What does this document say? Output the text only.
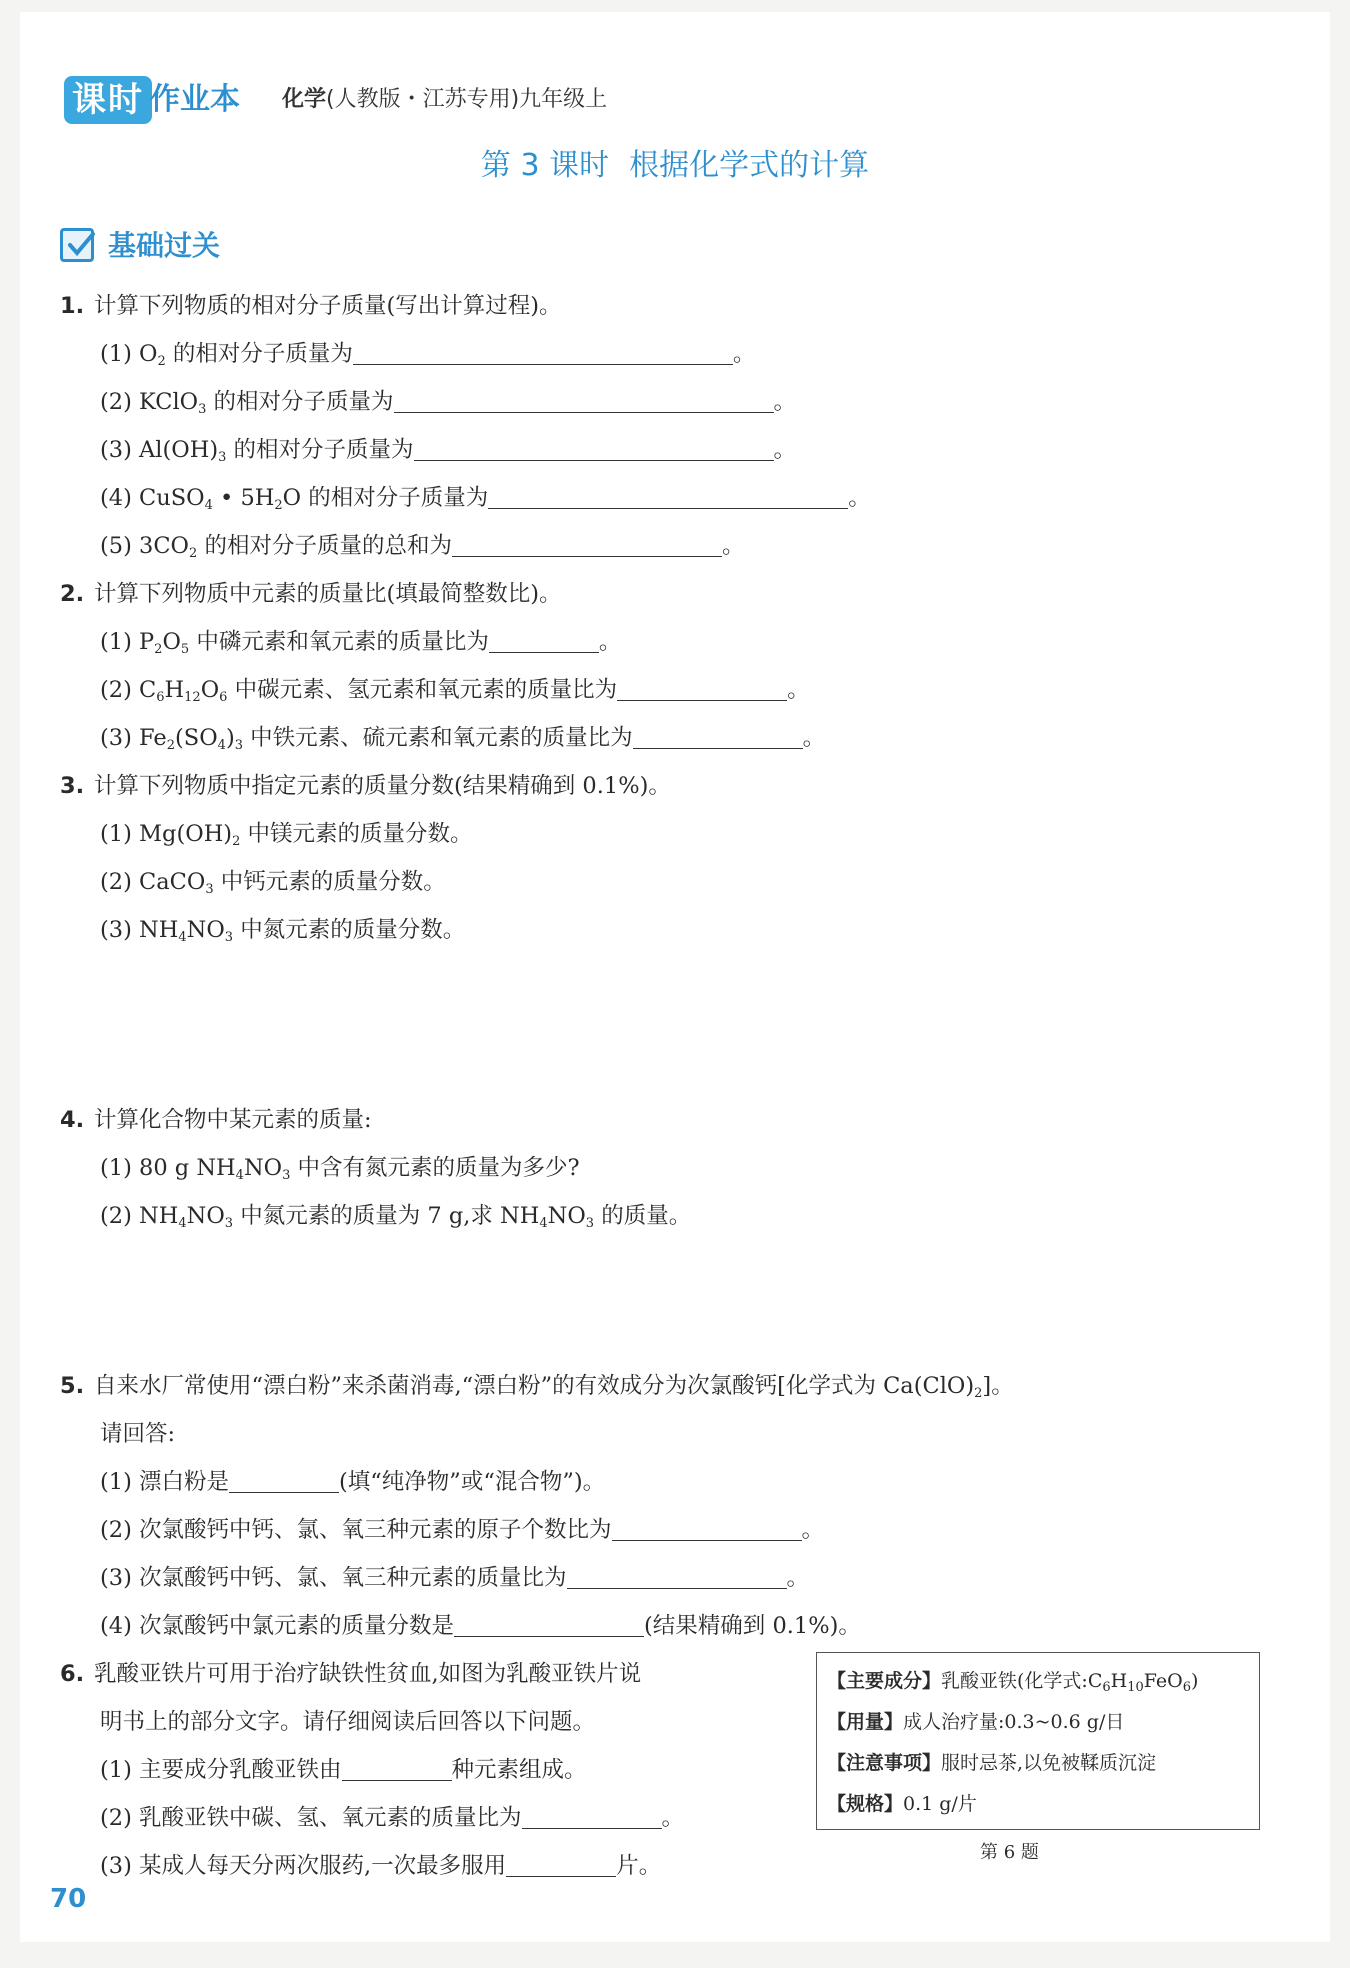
课时 作业本 化学(人教版・江苏专用)九年级上
第 3 课时 根据化学式的计算
基础过关
1. 计算下列物质的相对分子质量(写出计算过程)。
(1) $O_2$ 的相对分子质量为	。
(2) KClO$_3$ 的相对分子质量为	。
(3) $Al(OH)_3$ 的相对分子质量为	。
(4) CuSO$_4$ • $5H_2O$ 的相对分子质量为	。
(5) $3CO_2$ 的相对分子质量的总和为	。
2. 计算下列物质中元素的质量比(填最简整数比)。
(1) $P_2O_5$ 中磷元素和氧元素的质量比为	。
(2) $C_6H_{12}O_6$ 中碳元素、氢元素和氧元素的质量比为	。
(3) $Fe_2(SO_4)_3$ 中铁元素、硫元素和氧元素的质量比为	。
3. 计算下列物质中指定元素的质量分数(结果精确到 0.1%)。
(1) $Mg(OH)_2$ 中镁元素的质量分数。
(2) CaCO$_3$ 中钙元素的质量分数。
(3) $NH_4NO_3$ 中氮元素的质量分数。
4. 计算化合物中某元素的质量:
(1) 80 g $NH_4NO_3$ 中含有氮元素的质量为多少?
(2) $NH_4NO_3$ 中氮元素的质量为 7 g,求 $NH_4NO_3$ 的质量。
5. 自来水厂常使用“漂白粉”来杀菌消毒,“漂白粉”的有效成分为次氯酸钙[化学式为 $Ca(ClO)_2$]。
请回答:
(1) 漂白粉是	(填“纯净物”或“混合物”)。
(2) 次氯酸钙中钙、氯、氧三种元素的原子个数比为	。
(3) 次氯酸钙中钙、氯、氧三种元素的质量比为	。
(4) 次氯酸钙中氯元素的质量分数是	(结果精确到 0.1%)。
6. 乳酸亚铁片可用于治疗缺铁性贫血,如图为乳酸亚铁片说
明书上的部分文字。请仔细阅读后回答以下问题。
(1) 主要成分乳酸亚铁由	种元素组成。
(2) 乳酸亚铁中碳、氢、氧元素的质量比为	。
(3) 某成人每天分两次服药,一次最多服用	片。
【主要成分】乳酸亚铁(化学式$:C_6H_{10}FeO_6$)
【用量】成人治疗量:0.3~0.6 g/日
【注意事项】服时忌茶,以免被鞣质沉淀
【规格】0.1 g/片
第 6 题
70
